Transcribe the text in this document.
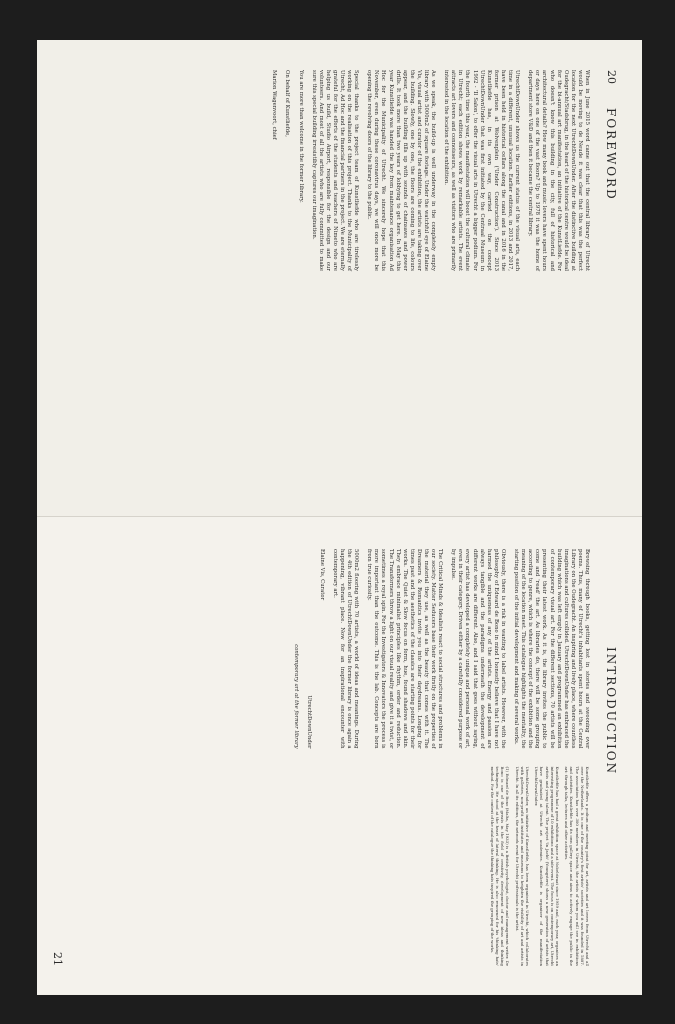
20
FOREWORD

When in June 2015 word came out that the central library of Utrecht would be moving to de Neude it was clear that this was the perfect location for the next UtrechtDownUnder. After the distinctive building at Oudegracht/Stadsbrug, in the heart of the historical centre would be ideal for the bi-annual art manifestation, an initiative of the KunstLiefde. For who doesn't know this building in the city, full of historical and architectural details? How many book and music lovers have spent hours or days here on one of the vast floors? Up to 1978 it was the home of department store V&D and then it became the central library.

UtrechtDownUnder shows us the current status of the visual arts, each time in a different, unusual location. Earlier editions, in 2013 and 2017, have been held in historical cellars along the canal and in 2016 in the former prison at Wolvenplein ('Under Construction'). Since 2013 Kunstliefde has, in its own way, carried on the concept UtrechtDownUnder that was first initiated by the Centraal Museum in 1992 - 'Il Salon', to offer the visual arts in Utrecht a bigger podium. For the fourth time this year, the manifestation will boost the cultural climate in Utrecht; each edition shows work by remarkable artists. The event attracts art lovers and connoisseurs, as well as visitors who are primarily interested in the location of the exhibition.

As we speak, the build-up is well underway in the completely empty library with 5000m2 of square footage. Under the watchful eye of Elaine Vis, visual artist and curator of the exhibition, the artists are taking over the building. Slowly, one by one, the floors are coming to life, colours appear, and the building fills up with sounds of chainsaws and power drills. It took more than two years of lobbying to get here. In May this year Kunstliefde was handed the key from maintenance organisation Ad Hoc for the Municipality of Utrecht. We sincerely hope that this November, even during these coronavirus days, we will once more be opening the revolving doors of the library to the public.

Special thanks to the project team of Kunstliefde who are tirelessly working on the realisation of this project. Thanks to the Municipality of Utrecht, Ad Hoc and the financial partners in the project. We are eternally grateful for the efforts of the students and teachers of Nimeto who are helping us build, Studio Airport, responsible for the design and our volunteers. And most of all the artists who are fully committed to make sure this special building irresistibly captures our imagination.

You are more than welcome in the former library.

On behalf of Kunstliefde,

Marion Wagenvoort, chief

INTRODUCTION

Browsing through books, getting lost in stories and swooning over poems. Thus, many of Utrecht's inhabitants spent hours at the Central Library on the Oudegracht. An inspiring and lively place, where countless imaginations and cultures collided. UtrechtDownUnder has embraced the building which was left empty in January and programmed an exhibition of contemporary visual art. For the different sections, 70 artists will be presenting their latest work. As it is, the library invites the public to come and 'read' the art. As libraries do, there will be some grouping according to genre, which is where the concept of the exhibition and the meaning of the location meet. This catalogue highlights the mentality, the starting position of the initial development and making of several works.

Obviously, there is a risk in wanting to label artists. However, with the philosophy of Edward de Bono in mind I honestly believe that I have not harmed the uniqueness of any of the artists. Energy and passion are always tangible and the paradigms underneath the development of different works are different. Also, and I said that goes without saying, every artist has developed a completely unique and personal work of art, even in their category. Driven either by a carefully considered purpose or by impulse.

The Critical Minds & Idealists react to social structures and problems in our society. Matter Seducers base their work firstly on the properties of the material they use, as well as the beauty that comes with it. The Dreamers & Romantics invite you into their daydreams. Longing for times past and the aesthetics of the classics are starting points for their works. The Quiet & Slow focus on form, hue, found shadows and skin. They embrace minimalist principles like rhythm, order and reduction. The Transformers throw a light on our visual reality and give it a twist, or sometimes a royal spin. For the Investigators & Innovators the process is more important than the outcome. This is the lab. Concepts are born from true curiosity.

5000m2 flooring with 70 artists, a world of ideas and meanings. During the 4th edition of UtrechtDownUnder the former library is once again a happening, vibrant place. Now for an inspirational encounter with contemporary art.

Elaine Vis, Curator

UtrechtDownUnder

contemporary art at the former library

Kunstliefde offers a podium and meeting point for art, artists and art lovers from Utrecht and all over the Netherlands. It is one of the country's first artists' societies and it was founded in 1807. The association has over 300 members in Utrecht, the artists of whom you will see in exhibitions and activities. Kunstliefde has its own gallery space and aims to actively engage the public in the art: through talks, lectures and other activities.

Kunstliefde has had a great exhibition space at Nobelstraat since 1959 and, each year, organises an interesting programme of 10 exhibitions and a side-event. The focus is on contemporary art, Utrecht artists and young talent. The project 'In Jacht' (Youngsters) shows a new generation of artists that have graduated at Utrecht art academies. Kunstliefde is organiser of the manifestation UtrechtDownUnder.

UtrechtDownUnder, an initiative of Kunstliefde, has been organised in Utrecht, which collaborates with galleries, non-profit art institutes and museums to heighten the visibility of art and artists in Utrecht. In all its editions, the network event for Utrecht professionals is the artist.

(1) Edward de Bono (Malta, May 1933) is a British psychologist, doctor and management writer. De Bono is one of the greats in the field of creativity, development of new ideas and thinking techniques. He stood at the heart of lateral thinking. He is also renowned for his 'thinking hats' method. For the context of the catalogue the thinking hats inspired the grouping of the works.

21
